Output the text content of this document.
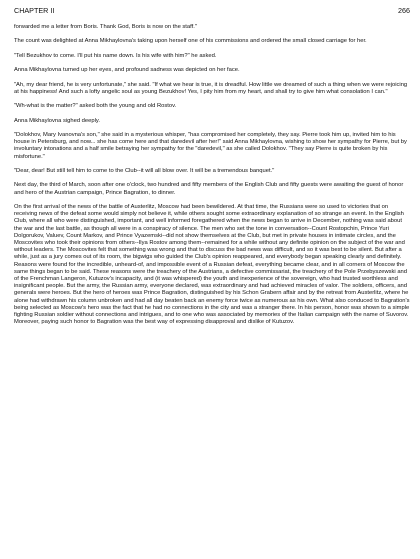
CHAPTER II	266

forwarded me a letter from Boris. Thank God, Boris is now on the staff."

The count was delighted at Anna Mikhaylovna's taking upon herself one of his commissions and ordered the small closed carriage for her.

"Tell Bezukhov to come. I'll put his name down. Is his wife with him?" he asked.

Anna Mikhaylovna turned up her eyes, and profound sadness was depicted on her face.

"Ah, my dear friend, he is very unfortunate," she said. "If what we hear is true, it is dreadful. How little we dreamed of such a thing when we were rejoicing at his happiness! And such a lofty angelic soul as young Bezukhov! Yes, I pity him from my heart, and shall try to give him what consolation I can."

"Wh-what is the matter?" asked both the young and old Rostov.

Anna Mikhaylovna sighed deeply.

"Dolokhov, Mary Ivanovna's son," she said in a mysterious whisper, "has compromised her completely, they say. Pierre took him up, invited him to his house in Petersburg, and now... she has come here and that daredevil after her!" said Anna Mikhaylovna, wishing to show her sympathy for Pierre, but by involuntary intonations and a half smile betraying her sympathy for the "daredevil," as she called Dolokhov. "They say Pierre is quite broken by his misfortune."

"Dear, dear! But still tell him to come to the Club--it will all blow over. It will be a tremendous banquet."

Next day, the third of March, soon after one o'clock, two hundred and fifty members of the English Club and fifty guests were awaiting the guest of honor and hero of the Austrian campaign, Prince Bagration, to dinner.

On the first arrival of the news of the battle of Austerlitz, Moscow had been bewildered. At that time, the Russians were so used to victories that on receiving news of the defeat some would simply not believe it, while others sought some extraordinary explanation of so strange an event. In the English Club, where all who were distinguished, important, and well informed foregathered when the news began to arrive in December, nothing was said about the war and the last battle, as though all were in a conspiracy of silence. The men who set the tone in conversation--Count Rostopchin, Prince Yuri Dolgorukov, Valuev, Count Markov, and Prince Vyazemski--did not show themselves at the Club, but met in private houses in intimate circles, and the Moscovites who took their opinions from others--Ilya Rostov among them--remained for a while without any definite opinion on the subject of the war and without leaders. The Moscovites felt that something was wrong and that to discuss the bad news was difficult, and so it was best to be silent. But after a while, just as a jury comes out of its room, the bigwigs who guided the Club's opinion reappeared, and everybody began speaking clearly and definitely. Reasons were found for the incredible, unheard-of, and impossible event of a Russian defeat, everything became clear, and in all corners of Moscow the same things began to be said. These reasons were the treachery of the Austrians, a defective commissariat, the treachery of the Pole Przebyszewski and of the Frenchman Langeron, Kutuzov's incapacity, and (it was whispered) the youth and inexperience of the sovereign, who had trusted worthless and insignificant people. But the army, the Russian army, everyone declared, was extraordinary and had achieved miracles of valor. The soldiers, officers, and generals were heroes. But the hero of heroes was Prince Bagration, distinguished by his Schon Grabern affair and by the retreat from Austerlitz, where he alone had withdrawn his column unbroken and had all day beaten back an enemy force twice as numerous as his own. What also conduced to Bagration's being selected as Moscow's hero was the fact that he had no connections in the city and was a stranger there. In his person, honor was shown to a simple fighting Russian soldier without connections and intrigues, and to one who was associated by memories of the Italian campaign with the name of Suvorov. Moreover, paying such honor to Bagration was the best way of expressing disapproval and dislike of Kutuzov.
